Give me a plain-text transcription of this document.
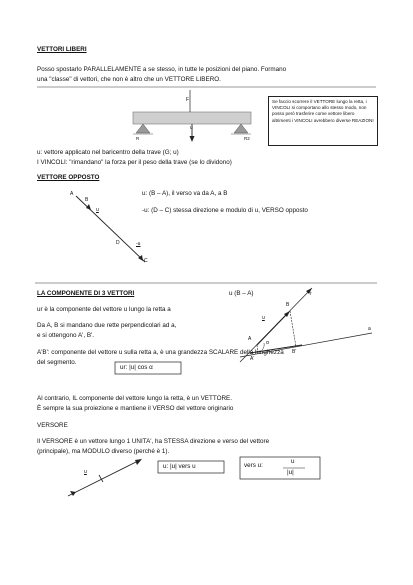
VETTORI LIBERI
Posso spostarlo PARALLELAMENTE a se stesso, in tutte le posizioni del piano. Formano
una "classe" di vettori, che non è altro che un VETTORE LIBERO.
Se faccio scorrere il VETTORE lungo la retta, i VINCOLI si comportano allo stesso modo, non posso però trasferire come vettore libero altrimenti i VINCOLI avrebbero diverse REAZIONI
F
u
R	R2
u: vettore applicato nel baricentro della trave (G; u)
I VINCOLI: "rimandano" la forza per il peso della trave (se lo dividono)
VETTORE OPPOSTO
A
B
u
D	-u
C
u: (B – A), il verso va da A, a B
-u: (D – C) stessa direzione e modulo di u, VERSO opposto
LA COMPONENTE DI 3 VETTORI	u (B – A)
ur è la componente del vettore u lungo la retta a
Da A, B si mandano due rette perpendicolari ad a,
e si ottengono A', B'.
A'B': componente del vettore u sulla retta a, è una grandezza SCALARE della lunghezza
del segmento.
ur: |u| cos α
r
B
u
A
α
A'
B'
a
Al contrario, IL componente del vettore lungo la retta, è un VETTORE.
È sempre la sua proiezione e mantiene il VERSO del vettore originario
VERSORE
Il VERSORE è un vettore lungo 1 UNITA', ha STESSA direzione e verso del vettore
(principale), ma MODULO diverso (perché è 1).
u
u: |u| vers u	vers u:
u
|u|
